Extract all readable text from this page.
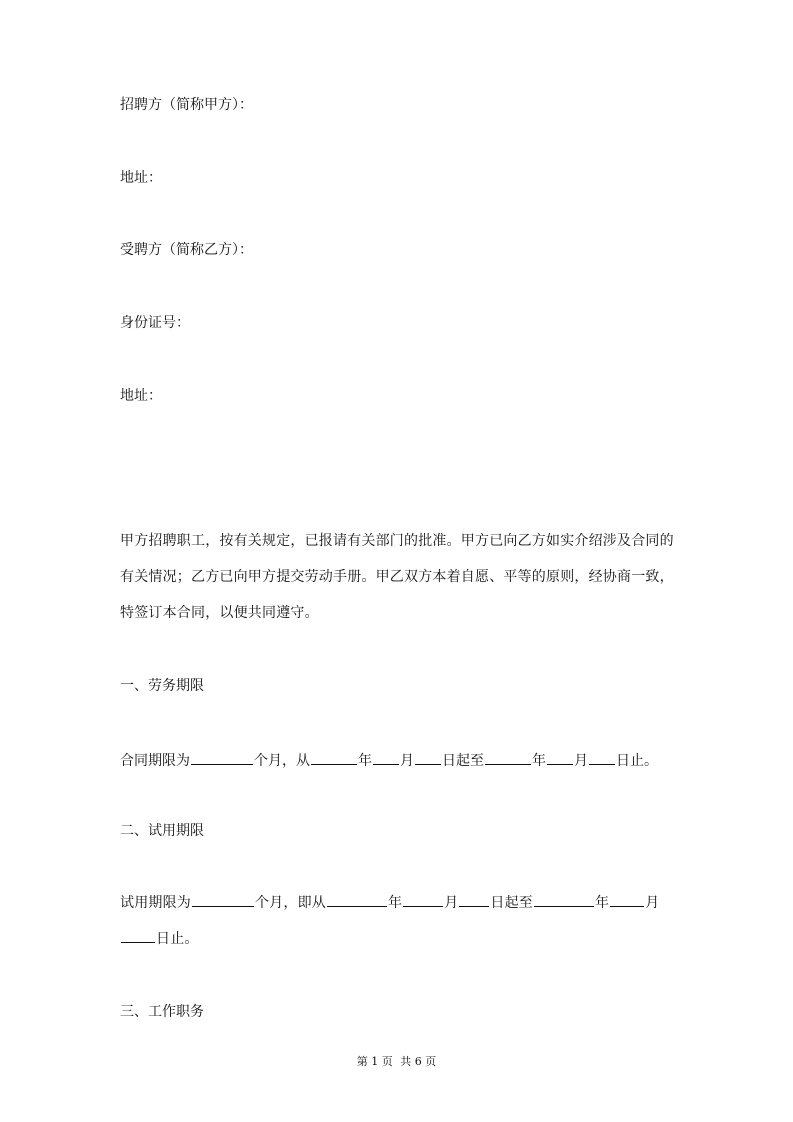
招聘方（简称甲方）：
地址：
受聘方（简称乙方）：
身份证号：
地址：
甲方招聘职工，按有关规定，已报请有关部门的批准。甲方已向乙方如实介绍涉及合同的有关情况；乙方已向甲方提交劳动手册。甲乙双方本着自愿、平等的原则，经协商一致，特签订本合同，以便共同遵守。
一、劳务期限
合同期限为	个月，从	年 月 日起至	年 月 日止。
二、试用期限
试用期限为	个月，即从	年	月 日起至	年	月
日止。
三、工作职务
第 1 页 共 6 页
